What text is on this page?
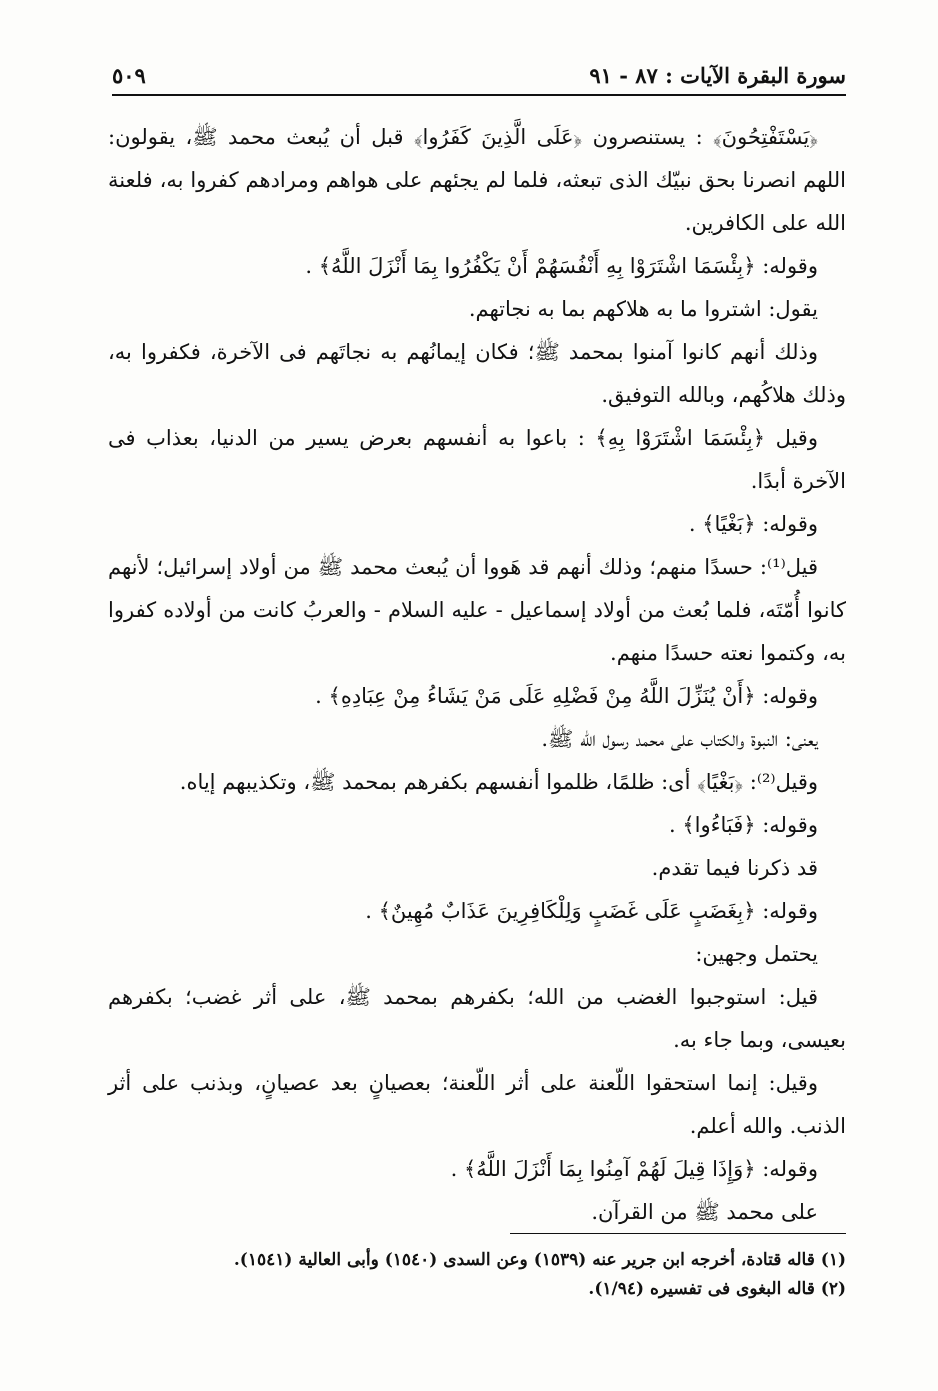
سورة البقرة الآيات : ٨٧ - ٩١
٥٠٩

﴿يَسْتَفْتِحُونَ﴾ : يستنصرون ﴿عَلَى الَّذِينَ كَفَرُوا﴾ قبل أن يُبعث محمد ﷺ، يقولون: اللهم انصرنا بحق نبيّك الذى تبعثه، فلما لم يجئهم على هواهم ومرادهم كفروا به، فلعنة الله على الكافرين.

وقوله: ﴿بِئْسَمَا اشْتَرَوْا بِهِ أَنْفُسَهُمْ أَنْ يَكْفُرُوا بِمَا أَنْزَلَ اللَّهُ﴾ .

يقول: اشتروا ما به هلاكهم بما به نجاتهم.

وذلك أنهم كانوا آمنوا بمحمد ﷺ؛ فكان إيمانُهم به نجاتَهم فى الآخرة، فكفروا به، وذلك هلاكُهم، وبالله التوفيق.

وقيل ﴿بِئْسَمَا اشْتَرَوْا بِهِ﴾ : باعوا به أنفسهم بعرض يسير من الدنيا، بعذاب فى الآخرة أبدًا.

وقوله: ﴿بَغْيًا﴾ .

قيل⁽¹⁾: حسدًا منهم؛ وذلك أنهم قد هَووا أن يُبعث محمد ﷺ من أولاد إسرائيل؛ لأنهم كانوا أُمّتَه، فلما بُعث من أولاد إسماعيل - عليه السلام - والعربُ كانت من أولاده كفروا به، وكتموا نعته حسدًا منهم.

وقوله: ﴿أَنْ يُنَزِّلَ اللَّهُ مِنْ فَضْلِهِ عَلَى مَنْ يَشَاءُ مِنْ عِبَادِهِ﴾ .

يعنى: النبوة والكتاب على محمد رسول الله ﷺ.

وقيل⁽²⁾: ﴿بَغْيًا﴾ أى: ظلمًا، ظلموا أنفسهم بكفرهم بمحمد ﷺ، وتكذيبهم إياه.

وقوله: ﴿فَبَاءُوا﴾ .

قد ذكرنا فيما تقدم.

وقوله: ﴿بِغَضَبٍ عَلَى غَضَبٍ وَلِلْكَافِرِينَ عَذَابٌ مُهِينٌ﴾ .

يحتمل وجهين:

قيل: استوجبوا الغضب من الله؛ بكفرهم بمحمد ﷺ، على أثر غضب؛ بكفرهم بعيسى، وبما جاء به.

وقيل: إنما استحقوا اللّعنة على أثر اللّعنة؛ بعصيانٍ بعد عصيانٍ، وبذنب على أثر الذنب. والله أعلم.

وقوله: ﴿وَإِذَا قِيلَ لَهُمْ آمِنُوا بِمَا أَنْزَلَ اللَّهُ﴾ .

على محمد ﷺ من القرآن.

(١) قاله قتادة، أخرجه ابن جرير عنه (١٥٣٩) وعن السدى (١٥٤٠) وأبى العالية (١٥٤١).

(٢) قاله البغوى فى تفسيره (١/٩٤).
